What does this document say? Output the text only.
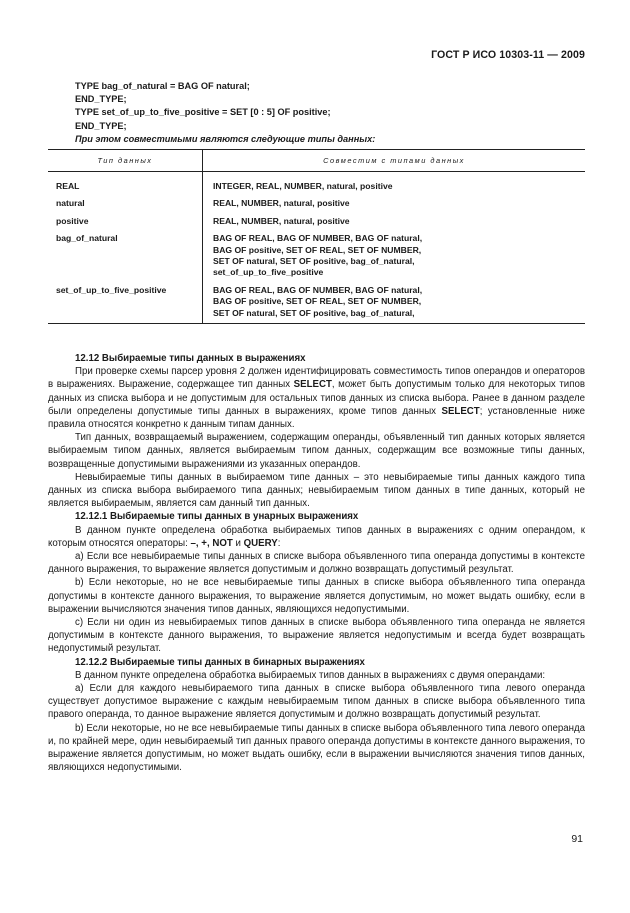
ГОСТ Р ИСО 10303-11 — 2009
TYPE bag_of_natural = BAG OF natural;
END_TYPE;
TYPE set_of_up_to_five_positive = SET [0 : 5] OF positive;
END_TYPE;
При этом совместимыми являются следующие типы данных:
Тип данных	Совместим с типами данных
REAL	INTEGER, REAL, NUMBER, natural, positive

natural	REAL, NUMBER, natural, positive

positive	REAL, NUMBER, natural, positive

bag_of_natural	BAG OF REAL, BAG OF NUMBER, BAG OF natural,
BAG OF positive, SET OF REAL, SET OF NUMBER,
SET OF natural, SET OF positive, bag_of_natural,
set_of_up_to_five_positive

set_of_up_to_five_positive	BAG OF REAL, BAG OF NUMBER, BAG OF natural,
BAG OF positive, SET OF REAL, SET OF NUMBER,
SET OF natural, SET OF positive, bag_of_natural,

12.12 Выбираемые типы данных в выражениях

При проверке схемы парсер уровня 2 должен идентифицировать совместимость типов операндов и операторов в выражениях. Выражение, содержащее тип данных SELECT, может быть допустимым только для некоторых типов данных из списка выбора и не допустимым для остальных типов данных из списка выбора. Ранее в данном разделе были определены допустимые типы данных в выражениях, кроме типов данных SELECT; установленные ниже правила относятся конкретно к данным типам данных.

Тип данных, возвращаемый выражением, содержащим операнды, объявленный тип данных которых является выбираемым типом данных, является выбираемым типом данных, содержащим все возможные типы данных, возвращенные допустимыми выражениями из указанных операндов.

Невыбираемые типы данных в выбираемом типе данных – это невыбираемые типы данных каждого типа данных из списка выбора выбираемого типа данных; невыбираемым типом данных в типе данных, который не является выбираемым, является сам данный тип данных.

12.12.1 Выбираемые типы данных в унарных выражениях

В данном пункте определена обработка выбираемых типов данных в выражениях с одним операндом, к которым относятся операторы: –, +, NOT и QUERY:

a) Если все невыбираемые типы данных в списке выбора объявленного типа операнда допустимы в контексте данного выражения, то выражение является допустимым и должно возвращать допустимый результат.

b) Если некоторые, но не все невыбираемые типы данных в списке выбора объявленного типа операнда допустимы в контексте данного выражения, то выражение является допустимым, но может выдать ошибку, если в выражении вычисляются значения типов данных, являющихся недопустимыми.

c) Если ни один из невыбираемых типов данных в списке выбора объявленного типа операнда не является допустимым в контексте данного выражения, то выражение является недопустимым и всегда будет возвращать недопустимый результат.

12.12.2 Выбираемые типы данных в бинарных выражениях

В данном пункте определена обработка выбираемых типов данных в выражениях с двумя операндами:

a) Если для каждого невыбираемого типа данных в списке выбора объявленного типа левого операнда существует допустимое выражение с каждым невыбираемым типом данных в списке выбора объявленного типа правого операнда, то данное выражение является допустимым и должно возвращать допустимый результат.

b) Если некоторые, но не все невыбираемые типы данных в списке выбора объявленного типа левого операнда и, по крайней мере, один невыбираемый тип данных правого операнда допустимы в контексте данного выражения, то выражение является допустимым, но может выдать ошибку, если в выражении вычисляются значения типов данных, являющихся недопустимыми.

91
